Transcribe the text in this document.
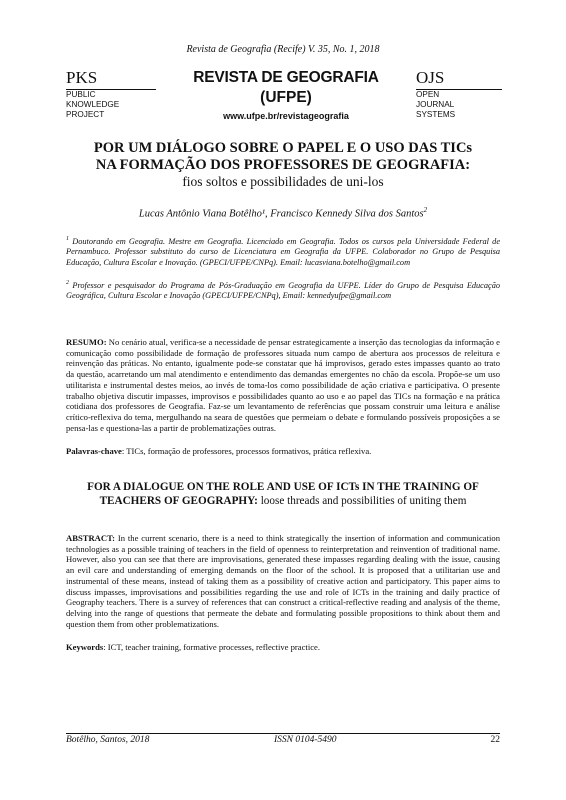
Revista de Geografia (Recife) V. 35, No. 1, 2018
PKS
PUBLIC
KNOWLEDGE
PROJECT
REVISTA DE GEOGRAFIA
(UFPE)
www.ufpe.br/revistageografia
OJS
OPEN
JOURNAL
SYSTEMS
POR UM DIÁLOGO SOBRE O PAPEL E O USO DAS TICs
NA FORMAÇÃO DOS PROFESSORES DE GEOGRAFIA:
fios soltos e possibilidades de uni-los
Lucas Antônio Viana Botêlho¹, Francisco Kennedy Silva dos Santos$^2$
$^1$ Doutorando em Geografia. Mestre em Geografia. Licenciado em Geografia. Todos os cursos pela Universidade Federal de Pernambuco. Professor substituto do curso de Licenciatura em Geografia da UFPE. Colaborador no Grupo de Pesquisa Educação, Cultura Escolar e Inovação. (GPECI/UFPE/CNPq). Email: lucasviana.botelho@gmail.com
$^2$ Professor e pesquisador do Programa de Pós-Graduação em Geografia da UFPE. Líder do Grupo de Pesquisa Educação Geográfica, Cultura Escolar e Inovação (GPECI/UFPE/CNPq), Email: kennedyufpe@gmail.com
RESUMO: No cenário atual, verifica-se a necessidade de pensar estrategicamente a inserção das tecnologias da informação e comunicação como possibilidade de formação de professores situada num campo de abertura aos processos de releitura e reinvenção das práticas. No entanto, igualmente pode-se constatar que há improvisos, gerado estes impasses quanto ao trato da questão, acarretando um mal atendimento e entendimento das demandas emergentes no chão da escola. Propõe-se um uso utilitarista e instrumental destes meios, ao invés de toma-los como possibilidade de ação criativa e participativa. O presente trabalho objetiva discutir impasses, improvisos e possibilidades quanto ao uso e ao papel das TICs na formação e na prática cotidiana dos professores de Geografia. Faz-se um levantamento de referências que possam construir uma leitura e análise crítico-reflexiva do tema, mergulhando na seara de questões que permeiam o debate e formulando possíveis proposições a se pensa-las e questiona-las a partir de problematizações outras.
Palavras-chave: TICs, formação de professores, processos formativos, prática reflexiva.
FOR A DIALOGUE ON THE ROLE AND USE OF ICTs IN THE TRAINING OF TEACHERS OF GEOGRAPHY: loose threads and possibilities of uniting them
ABSTRACT: In the current scenario, there is a need to think strategically the insertion of information and communication technologies as a possible training of teachers in the field of openness to reinterpretation and reinvention of traditional name. However, also you can see that there are improvisations, generated these impasses regarding dealing with the issue, causing an evil care and understanding of emerging demands on the floor of the school. It is proposed that a utilitarian use and instrumental of these means, instead of taking them as a possibility of creative action and participatory. This paper aims to discuss impasses, improvisations and possibilities regarding the use and role of ICTs in the training and daily practice of Geography teachers. There is a survey of references that can construct a critical-reflective reading and analysis of the theme, delving into the range of questions that permeate the debate and formulating possible propositions to think about them and question them from other problematizations.
Keywords: ICT, teacher training, formative processes, reflective practice.
Botêlho, Santos, 2018	ISSN 0104-5490	22
